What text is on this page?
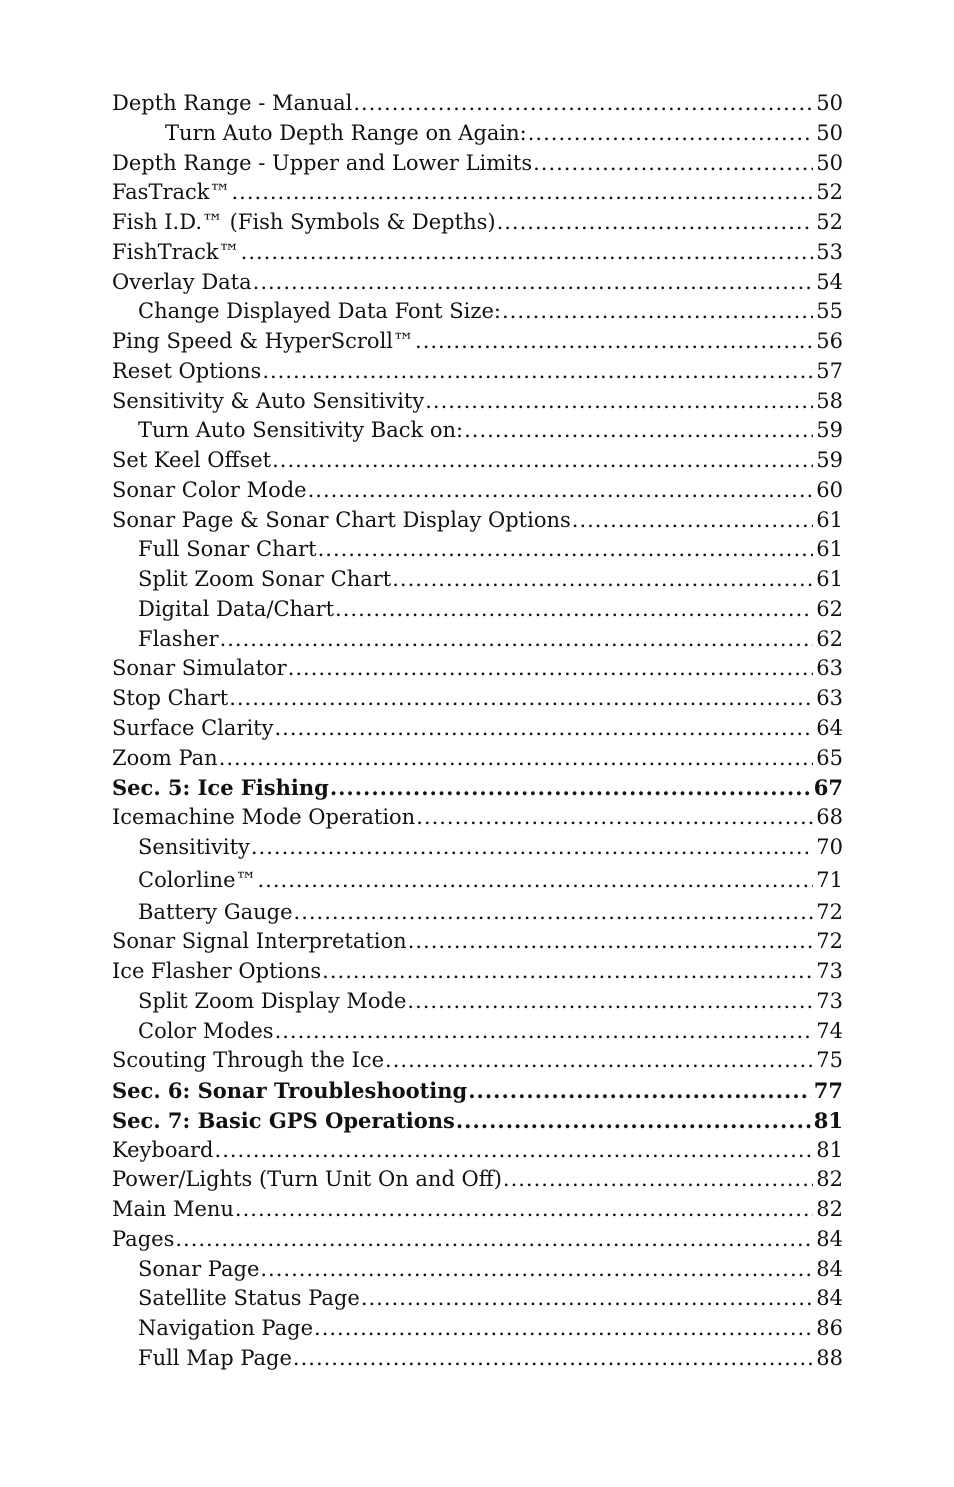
Depth Range - Manual .....	50
Turn Auto Depth Range on Again: .....	50
Depth Range - Upper and Lower Limits .....	50
FasTrack™ .....	52
Fish I.D.™ (Fish Symbols & Depths) .....	52
FishTrack™ .....	53
Overlay Data .....	54
Change Displayed Data Font Size: .....	55
Ping Speed & HyperScroll™ .....	56
Reset Options .....	57
Sensitivity & Auto Sensitivity .....	58
Turn Auto Sensitivity Back on: .....	59
Set Keel Offset .....	59
Sonar Color Mode .....	60
Sonar Page & Sonar Chart Display Options .....	61
Full Sonar Chart .....	61
Split Zoom Sonar Chart .....	61
Digital Data/Chart .....	62
Flasher .....	62
Sonar Simulator .....	63
Stop Chart .....	63
Surface Clarity .....	64
Zoom Pan .....	65
Sec. 5: Ice Fishing .....	67
Icemachine Mode Operation .....	68
Sensitivity .....	70
Colorline™ .....	71
Battery Gauge .....	72
Sonar Signal Interpretation .....	72
Ice Flasher Options .....	73
Split Zoom Display Mode .....	73
Color Modes .....	74
Scouting Through the Ice .....	75
Sec. 6: Sonar Troubleshooting .....	77
Sec. 7: Basic GPS Operations .....	81
Keyboard .....	81
Power/Lights (Turn Unit On and Off) .....	82
Main Menu .....	82
Pages .....	84
Sonar Page .....	84
Satellite Status Page .....	84
Navigation Page .....	86
Full Map Page .....	88
